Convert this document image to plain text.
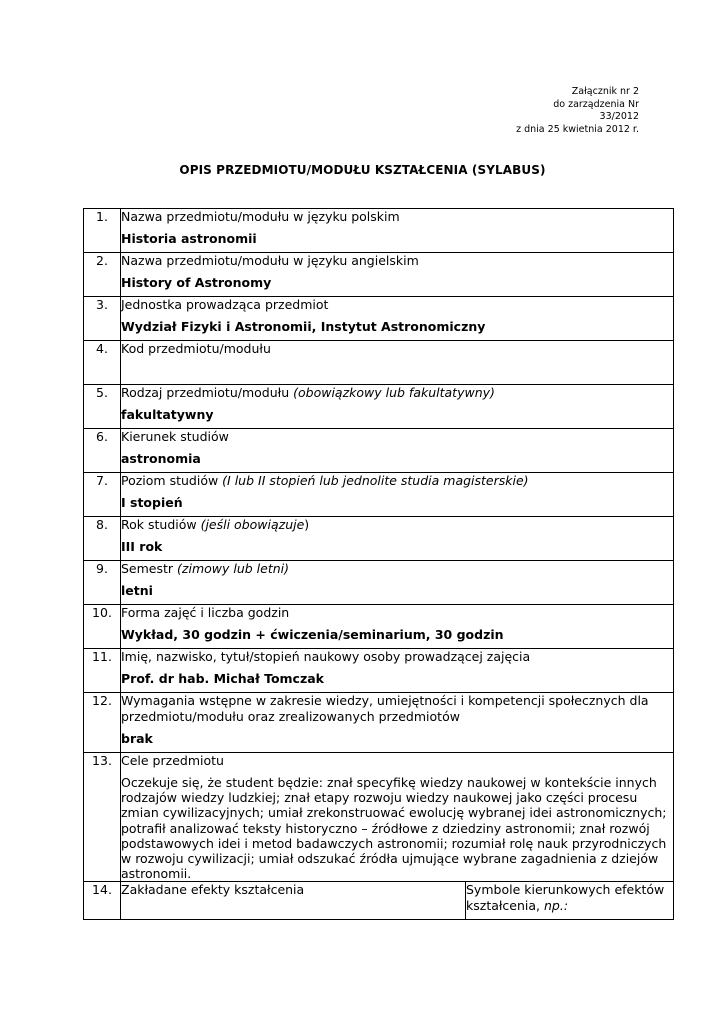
Załącznik nr 2
do zarządzenia Nr
33/2012
z dnia 25 kwietnia 2012 r.
OPIS PRZEDMIOTU/MODUŁU KSZTAŁCENIA (SYLABUS)
1.	Nazwa przedmiotu/modułu w języku polskim
Historia astronomii	

2.	Nazwa przedmiotu/modułu w języku angielskim
History of Astronomy	

3.	Jednostka prowadząca przedmiot
Wydział Fizyki i Astronomii, Instytut Astronomiczny	

4.	Kod przedmiotu/modułu	

5.	Rodzaj przedmiotu/modułu (obowiązkowy lub fakultatywny)
fakultatywny	

6.	Kierunek studiów
astronomia	

7.	Poziom studiów (I lub II stopień lub jednolite studia magisterskie)
I stopień	

8.	Rok studiów (jeśli obowiązuje)
III rok	

9.	Semestr (zimowy lub letni)
letni	

10.	Forma zajęć i liczba godzin
Wykład, 30 godzin + ćwiczenia/seminarium, 30 godzin	

11.	Imię, nazwisko, tytuł/stopień naukowy osoby prowadzącej zajęcia
Prof. dr hab. Michał Tomczak	

12.	Wymagania wstępne w zakresie wiedzy, umiejętności i kompetencji społecznych dla przedmiotu/modułu oraz zrealizowanych przedmiotów
brak	

13.	Cele przedmiotu
Oczekuje się, że student będzie: znał specyfikę wiedzy naukowej w kontekście innych rodzajów wiedzy ludzkiej; znał etapy rozwoju wiedzy naukowej jako części procesu zmian cywilizacyjnych; umiał zrekonstruować ewolucję wybranej idei astronomicznych; potrafił analizować teksty historyczno – źródłowe z dziedziny astronomii; znał rozwój podstawowych idei i metod badawczych astronomii; rozumiał rolę nauk przyrodniczych w rozwoju cywilizacji; umiał odszukać źródła ujmujące wybrane zagadnienia z dziejów astronomii.	

14.	Zakładane efekty kształcenia	Symbole kierunkowych efektów kształcenia, np.:
